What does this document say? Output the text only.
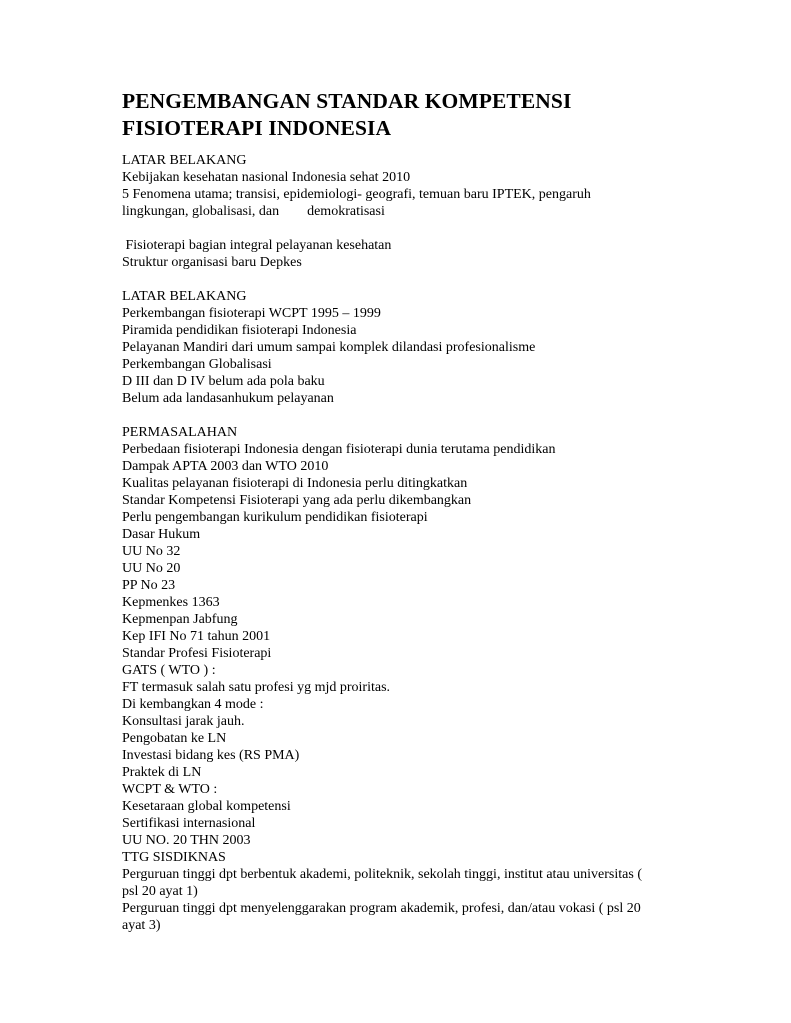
PENGEMBANGAN STANDAR KOMPETENSI
FISIOTERAPI INDONESIA
LATAR BELAKANG
Kebijakan kesehatan nasional Indonesia sehat 2010
5 Fenomena utama; transisi, epidemiologi- geografi, temuan baru IPTEK, pengaruh
lingkungan, globalisasi, dan        demokratisasi
Fisioterapi bagian integral pelayanan kesehatan
Struktur organisasi baru Depkes
LATAR BELAKANG
Perkembangan fisioterapi WCPT 1995 – 1999
Piramida pendidikan fisioterapi Indonesia
Pelayanan Mandiri dari umum sampai komplek dilandasi profesionalisme
Perkembangan Globalisasi
D III dan D IV belum ada pola baku
Belum ada landasanhukum pelayanan
PERMASALAHAN
Perbedaan fisioterapi Indonesia dengan fisioterapi dunia terutama pendidikan
Dampak APTA 2003 dan WTO 2010
Kualitas pelayanan fisioterapi di Indonesia perlu ditingkatkan
Standar Kompetensi Fisioterapi yang ada perlu dikembangkan
Perlu pengembangan kurikulum pendidikan fisioterapi
Dasar Hukum
UU No 32
UU No 20
PP No 23
Kepmenkes 1363
Kepmenpan Jabfung
Kep IFI No 71 tahun 2001
Standar Profesi Fisioterapi
GATS ( WTO ) :
FT termasuk salah satu profesi yg mjd proiritas.
Di kembangkan 4 mode :
Konsultasi jarak jauh.
Pengobatan ke LN
Investasi bidang kes (RS PMA)
Praktek di LN
WCPT & WTO :
Kesetaraan global kompetensi
Sertifikasi internasional
UU NO. 20 THN 2003
TTG SISDIKNAS
Perguruan tinggi dpt berbentuk akademi, politeknik, sekolah tinggi, institut atau universitas (
psl 20 ayat 1)
Perguruan tinggi dpt menyelenggarakan program akademik, profesi, dan/atau vokasi ( psl 20
ayat 3)
